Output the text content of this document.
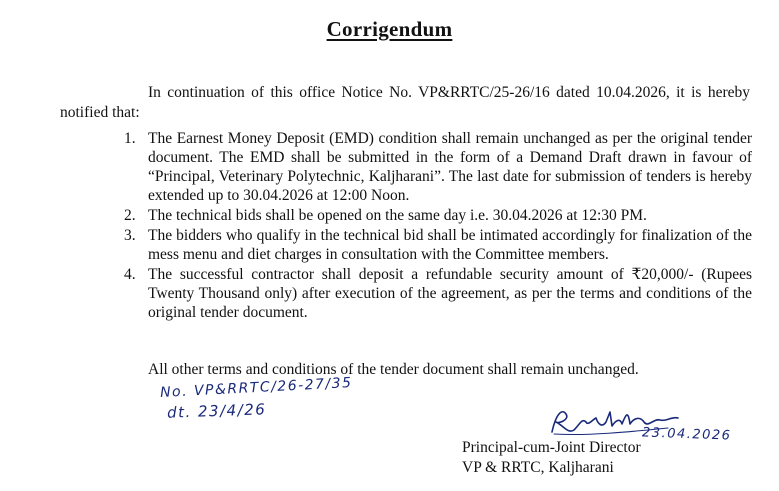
Corrigendum

In continuation of this office Notice No. VP&RRTC/25-26/16 dated 10.04.2026, it is hereby notified that:

1. The Earnest Money Deposit (EMD) condition shall remain unchanged as per the original tender document. The EMD shall be submitted in the form of a Demand Draft drawn in favour of “Principal, Veterinary Polytechnic, Kaljharani”. The last date for submission of tenders is hereby extended up to 30.04.2026 at 12:00 Noon.
2. The technical bids shall be opened on the same day i.e. 30.04.2026 at 12:30 PM.
3. The bidders who qualify in the technical bid shall be intimated accordingly for finalization of the mess menu and diet charges in consultation with the Committee members.
4. The successful contractor shall deposit a refundable security amount of ₹20,000/- (Rupees Twenty Thousand only) after execution of the agreement, as per the terms and conditions of the original tender document.
All other terms and conditions of the tender document shall remain unchanged.
No. VP&RRTC/26-27/35
dt. 23/4/26
23.04.2026
Principal-cum-Joint Director
VP & RRTC, Kaljharani
